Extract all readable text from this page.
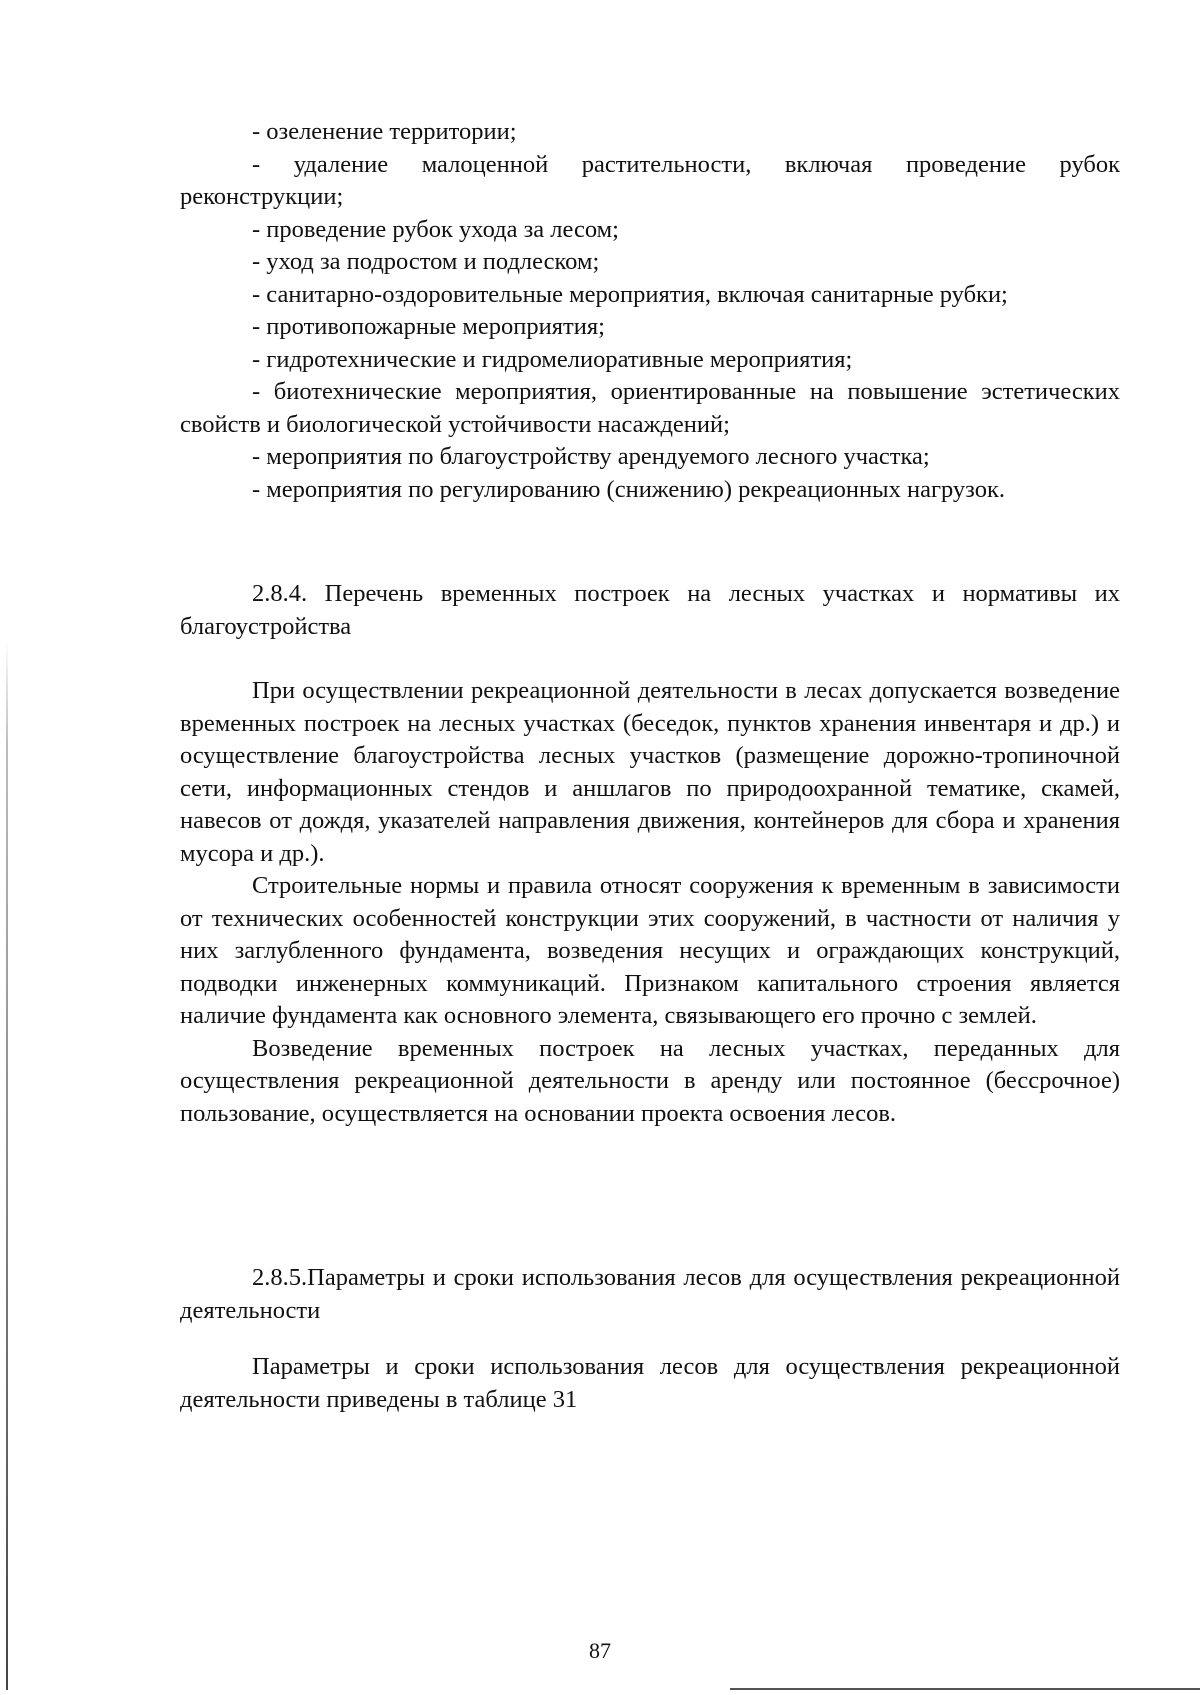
- озеленение территории;

- удаление малоценной растительности, включая проведение рубок реконструкции;

- проведение рубок ухода за лесом;

- уход за подростом и подлеском;

- санитарно-оздоровительные мероприятия, включая санитарные рубки;

- противопожарные мероприятия;

- гидротехнические и гидромелиоративные мероприятия;

- биотехнические мероприятия, ориентированные на повышение эстетических свойств и биологической устойчивости насаждений;

- мероприятия по благоустройству арендуемого лесного участка;

- мероприятия по регулированию (снижению) рекреационных нагрузок.

2.8.4. Перечень временных построек на лесных участках и нормативы их благоустройства

При осуществлении рекреационной деятельности в лесах допускается возведение временных построек на лесных участках (беседок, пунктов хранения инвентаря и др.) и осуществление благоустройства лесных участков (размещение дорожно-тропиночной сети, информационных стендов и аншлагов по природоохранной тематике, скамей, навесов от дождя, указателей направления движения, контейнеров для сбора и хранения мусора и др.).

Строительные нормы и правила относят сооружения к временным в зависимости от технических особенностей конструкции этих сооружений, в частности от наличия у них заглубленного фундамента, возведения несущих и ограждающих конструкций, подводки инженерных коммуникаций. Признаком капитального строения является наличие фундамента как основного элемента, связывающего его прочно с землей.

Возведение временных построек на лесных участках, переданных для осуществления рекреационной деятельности в аренду или постоянное (бессрочное) пользование, осуществляется на основании проекта освоения лесов.

2.8.5.Параметры и сроки использования лесов для осуществления рекреационной деятельности

Параметры и сроки использования лесов для осуществления рекреационной деятельности приведены в таблице 31

87
